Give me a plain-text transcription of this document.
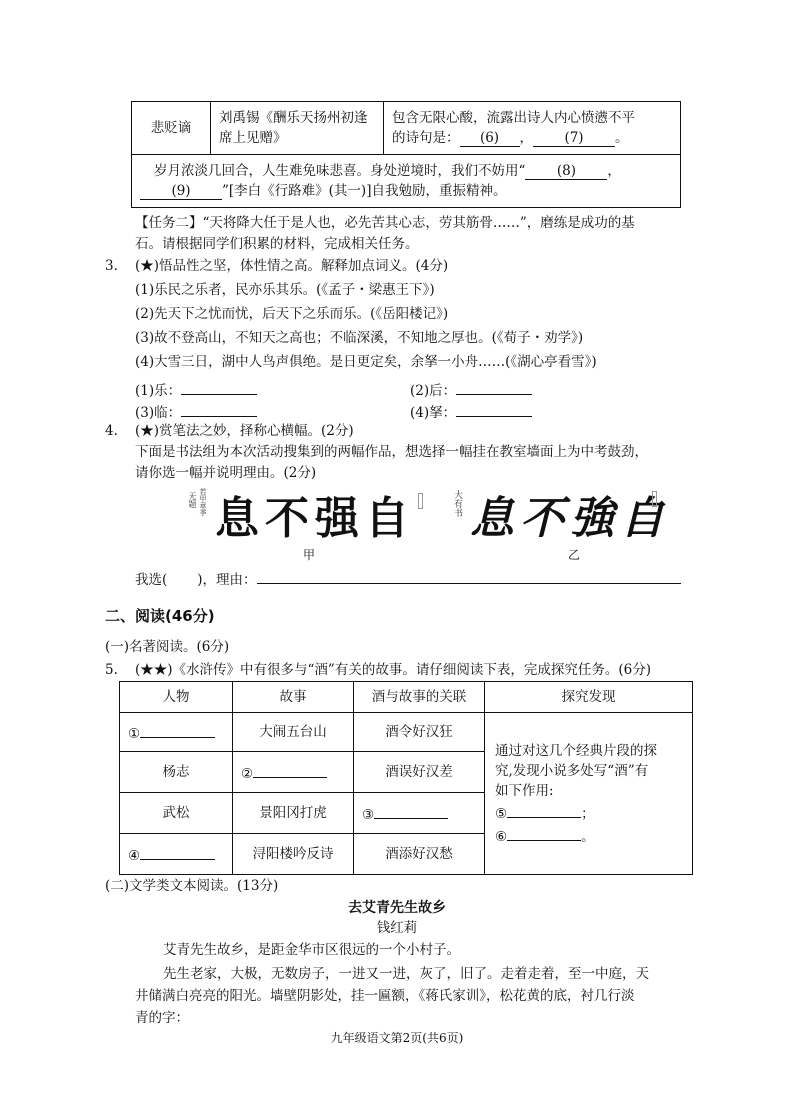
悲贬谪	刘禹锡《酬乐天扬州初逢席上见赠》	
包含无限心酸，流露出诗人内心愤懑不平
的诗句是： (6) ， (7) 。

岁月浓淡几回合，人生难免味悲喜。身处逆境时，我们不妨用“ (8) ，
(9) ”[李白《行路难》(其一)]自我勉励，重振精神。
【任务二】“天将降大任于是人也，必先苦其心志，劳其筋骨……”，磨练是成功的基
石。请根据同学们积累的材料，完成相关任务。
3. (★)悟品性之坚，体性情之高。解释加点词义。(4分)
(1)乐民之乐者，民亦乐其乐。(《孟子・梁惠王下》)
(2)先天下之忧而忧，后天下之乐而乐。(《岳阳楼记》)
(3)故不登高山，不知天之高也；不临深溪，不知地之厚也。(《荀子・劝学》)
(4)大雪三日，湖中人鸟声俱绝。是日更定矣，余拏一小舟……(《湖心亭看雪》)
(1)乐：	(2)后：
(3)临：	(4)拏：
4. (★)赏笔法之妙，择称心横幅。(2分)
下面是书法组为本次活动搜集到的两幅作品，想选择一幅挂在教室墙面上为中考鼓劲，
请你选一幅并说明理由。(2分)
无题 若甲章季 息不强自	大有书 息不強自
甲	乙
我选( )，理由：
二、阅读(46分)
(一)名著阅读。(6分)
5. (★★)《水浒传》中有很多与“酒”有关的故事。请仔细阅读下表，完成探究任务。(6分)
人物	故事	酒与故事的关联	探究发现
①	大闹五台山	酒令好汉狂	通过对这几个经典片段的探
究,发现小说多处写“酒”有
如下作用:
⑤ ；
⑥ 。

杨志	②	酒误好汉差	
武松	景阳冈打虎	③	
④	浔阳楼吟反诗	酒添好汉愁	
(二)文学类文本阅读。(13分)
去艾青先生故乡
钱红莉
艾青先生故乡，是距金华市区很远的一个小村子。
先生老家，大极，无数房子，一进又一进，灰了，旧了。走着走着，至一中庭，天
井储满白亮亮的阳光。墙壁阴影处，挂一匾额，《蒋氏家训》，松花黄的底，衬几行淡
青的字：
九年级语文第2页(共6页)
